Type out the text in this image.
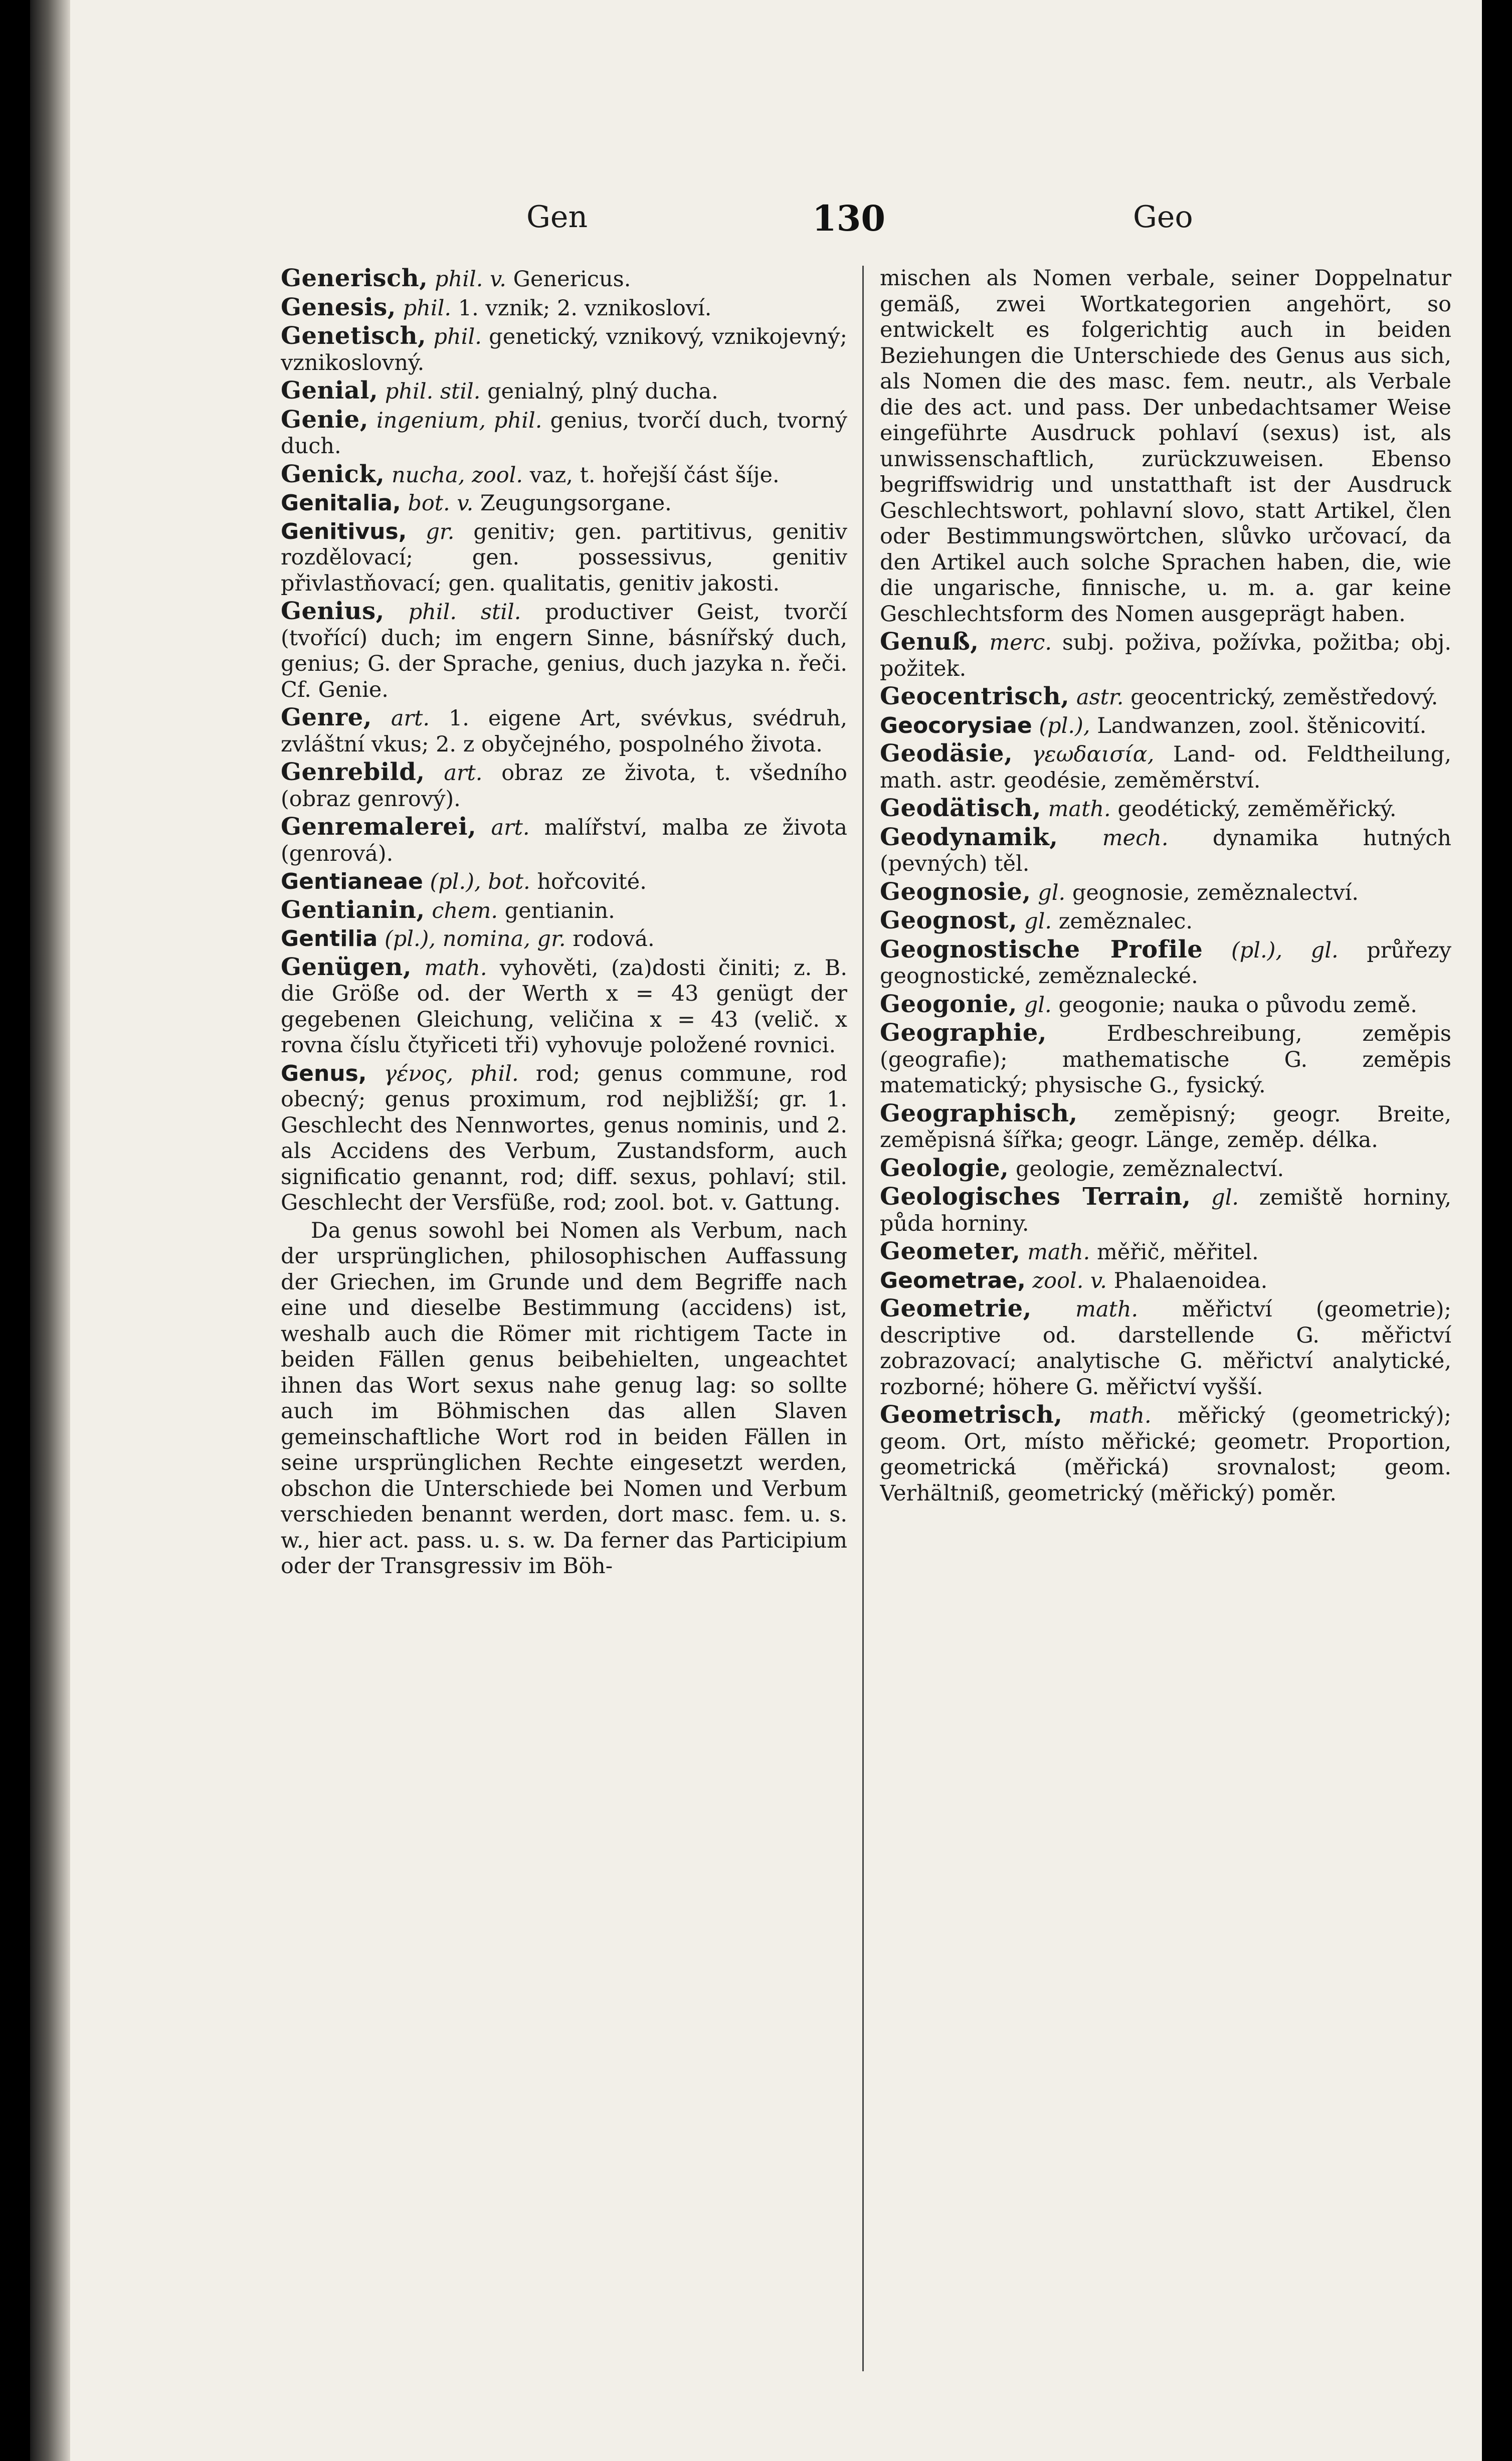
Gen	130	Geo

Generisch, phil. v. Genericus.

Genesis, phil. 1. vznik; 2. vznikosloví.

Genetisch, phil. genetický, vznikový, vznikojevný; vznikoslovný.

Genial, phil. stil. genialný, plný ducha.

Genie, ingenium, phil. genius, tvorčí duch, tvorný duch.

Genick, nucha, zool. vaz, t. hořejší část šíje.

Genitalia, bot. v. Zeugungsorgane.

Genitivus, gr. genitiv; gen. partitivus, genitiv rozdělovací; gen. possessivus, genitiv přivlastňovací; gen. qualitatis, genitiv jakosti.

Genius, phil. stil. productiver Geist, tvorčí (tvořící) duch; im engern Sinne, básnířský duch, genius; G. der Sprache, genius, duch jazyka n. řeči. Cf. Genie.

Genre, art. 1. eigene Art, svévkus, svédruh, zvláštní vkus; 2. z obyčejného, pospolného života.

Genrebild, art. obraz ze života, t. všedního (obraz genrový).

Genremalerei, art. malířství, malba ze života (genrová).

Gentianeae (pl.), bot. hořcovité.

Gentianin, chem. gentianin.

Gentilia (pl.), nomina, gr. rodová.

Genügen, math. vyhověti, (za)dosti činiti; z. B. die Größe od. der Werth x = 43 genügt der gegebenen Gleichung, veličina x = 43 (velič. x rovna číslu čtyřiceti tři) vyhovuje položené rovnici.

Genus, γένος, phil. rod; genus commune, rod obecný; genus proximum, rod nejbližší; gr. 1. Geschlecht des Nennwortes, genus nominis, und 2. als Accidens des Verbum, Zustandsform, auch significatio genannt, rod; diff. sexus, pohlaví; stil. Geschlecht der Versfüße, rod; zool. bot. v. Gattung.

Da genus sowohl bei Nomen als Verbum, nach der ursprünglichen, philosophischen Auffassung der Griechen, im Grunde und dem Begriffe nach eine und dieselbe Bestimmung (accidens) ist, weshalb auch die Römer mit richtigem Tacte in beiden Fällen genus beibehielten, ungeachtet ihnen das Wort sexus nahe genug lag: so sollte auch im Böhmischen das allen Slaven gemeinschaftliche Wort rod in beiden Fällen in seine ursprünglichen Rechte eingesetzt werden, obschon die Unterschiede bei Nomen und Verbum verschieden benannt werden, dort masc. fem. u. s. w., hier act. pass. u. s. w. Da ferner das Participium oder der Transgressiv im Böh-

mischen als Nomen verbale, seiner Doppelnatur gemäß, zwei Wortkategorien angehört, so entwickelt es folgerichtig auch in beiden Beziehungen die Unterschiede des Genus aus sich, als Nomen die des masc. fem. neutr., als Verbale die des act. und pass. Der unbedachtsamer Weise eingeführte Ausdruck pohlaví (sexus) ist, als unwissenschaftlich, zurückzuweisen. Ebenso begriffswidrig und unstatthaft ist der Ausdruck Geschlechtswort, pohlavní slovo, statt Artikel, člen oder Bestimmungswörtchen, slůvko určovací, da den Artikel auch solche Sprachen haben, die, wie die ungarische, finnische, u. m. a. gar keine Geschlechtsform des Nomen ausgeprägt haben.

Genuß, merc. subj. poživa, požívka, požitba; obj. požitek.

Geocentrisch, astr. geocentrický, zeměstředový.

Geocorysiae (pl.), Landwanzen, zool. štěnicovití.

Geodäsie, γεωδαισία, Land- od. Feldtheilung, math. astr. geodésie, zeměměrství.

Geodätisch, math. geodétický, zeměměřický.

Geodynamik, mech. dynamika hutných (pevných) těl.

Geognosie, gl. geognosie, zeměznalectví.

Geognost, gl. zeměznalec.

Geognostische Profile (pl.), gl. průřezy geognostické, zeměznalecké.

Geogonie, gl. geogonie; nauka o původu země.

Geographie,	Erdbeschreibung, zeměpis (geografie); mathematische G. zeměpis matematický; physische G., fysický.

Geographisch, zeměpisný; geogr. Breite, zeměpisná šířka; geogr. Länge, zeměp. délka.

Geologie, geologie, zeměznalectví.

Geologisches Terrain, gl. zemiště horniny, půda horniny.

Geometer, math. měřič, měřitel.

Geometrae, zool. v. Phalaenoidea.

Geometrie, math. měřictví (geometrie); descriptive od. darstellende G. měřictví zobrazovací; analytische G. měřictví analytické, rozborné; höhere G. měřictví vyšší.

Geometrisch, math. měřický (geometrický); geom. Ort, místo měřické; geometr. Proportion, geometrická (měřická) srovnalost; geom. Verhältniß, geometrický (měřický) poměr.
